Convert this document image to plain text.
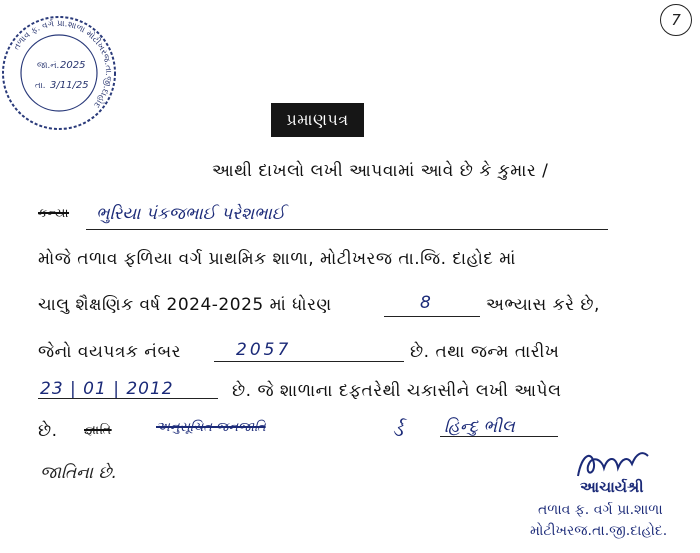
7
તળાવ ફ. વર્ગ પ્રા.શાળા મોટીખરજ.તા.જી.દાહોદ
જા.નં. 2025
તા. 3/11/25
પ્રમાણપત્ર
આથી દાખલો લખી આપવામાં આવે છે કે કુમાર /
કન્યા ભુરિયા પંકજભાઈ પરેશભાઈ
મોજે તળાવ ફળિયા વર્ગ પ્રાથમિક શાળા, મોટીખરજ તા.જિ. દાહોદ માં
ચાલુ શૈક્ષણિક વર્ષ 2024-2025 માં ધોરણ	8	અભ્યાસ કરે છે,
જેનો વયપત્રક નંબર	2057	છે. તથા જન્મ તારીખ
23 | 01 | 2012	છે. જે શાળાના દફતરેથી ચકાસીને લખી આપેલ
છે. જ્ઞાતિ	અનુસૂચિત જનજાતિ	ર્ડ હિન્દુ ભીલ
જાતિના છે.
આચાર્યશ્રી
તળાવ ફ. વર્ગ પ્રા.શાળા
મોટીખરજ.તા.જી.દાહોદ.
